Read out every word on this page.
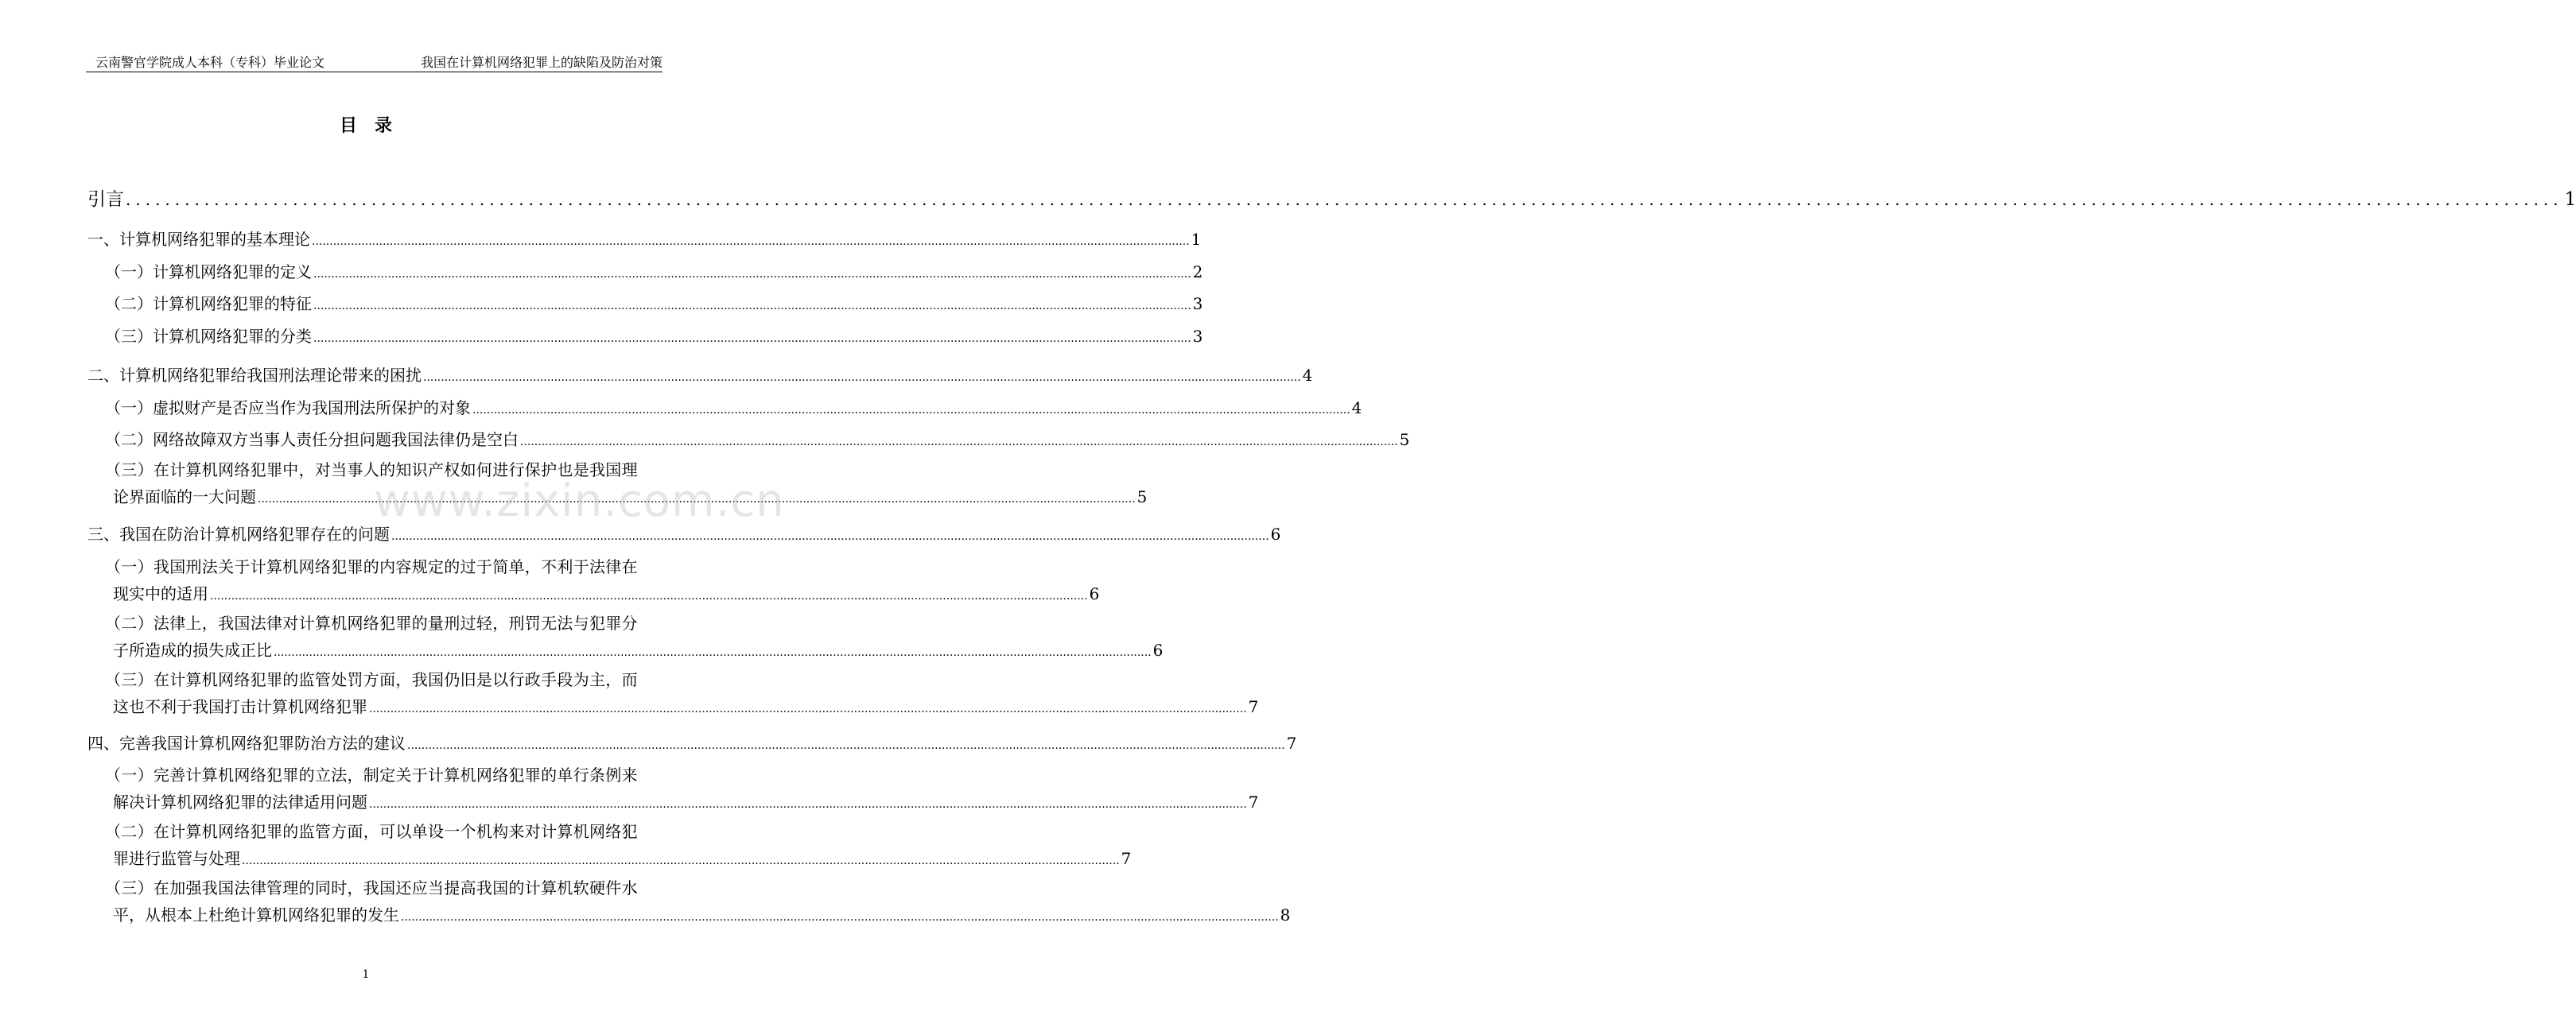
云南警官学院成人本科（专科）毕业论文	我国在计算机网络犯罪上的缺陷及防治对策
目录
引言 .....	1
一、计算机网络犯罪的基本理论 .....	1
（一）计算机网络犯罪的定义 .....	2
（二）计算机网络犯罪的特征 .....	3
（三）计算机网络犯罪的分类 .....	3
二、计算机网络犯罪给我国刑法理论带来的困扰 .....	4
（一）虚拟财产是否应当作为我国刑法所保护的对象 .....	4
（二）网络故障双方当事人责任分担问题我国法律仍是空白 .....	5
（三）在计算机网络犯罪中，对当事人的知识产权如何进行保护也是我国理
论界面临的一大问题 .....	5
三、我国在防治计算机网络犯罪存在的问题 .....	6
（一）我国刑法关于计算机网络犯罪的内容规定的过于简单，不利于法律在
现实中的适用 .....	6
（二）法律上，我国法律对计算机网络犯罪的量刑过轻，刑罚无法与犯罪分
子所造成的损失成正比 .....	6
（三）在计算机网络犯罪的监管处罚方面，我国仍旧是以行政手段为主，而
这也不利于我国打击计算机网络犯罪 .....	7
四、完善我国计算机网络犯罪防治方法的建议 .....	7
（一）完善计算机网络犯罪的立法，制定关于计算机网络犯罪的单行条例来
解决计算机网络犯罪的法律适用问题 .....	7
（二）在计算机网络犯罪的监管方面，可以单设一个机构来对计算机网络犯
罪进行监管与处理 .....	7
（三）在加强我国法律管理的同时，我国还应当提高我国的计算机软硬件水
平，从根本上杜绝计算机网络犯罪的发生 .....	8
www.zixin.com.cn
1
